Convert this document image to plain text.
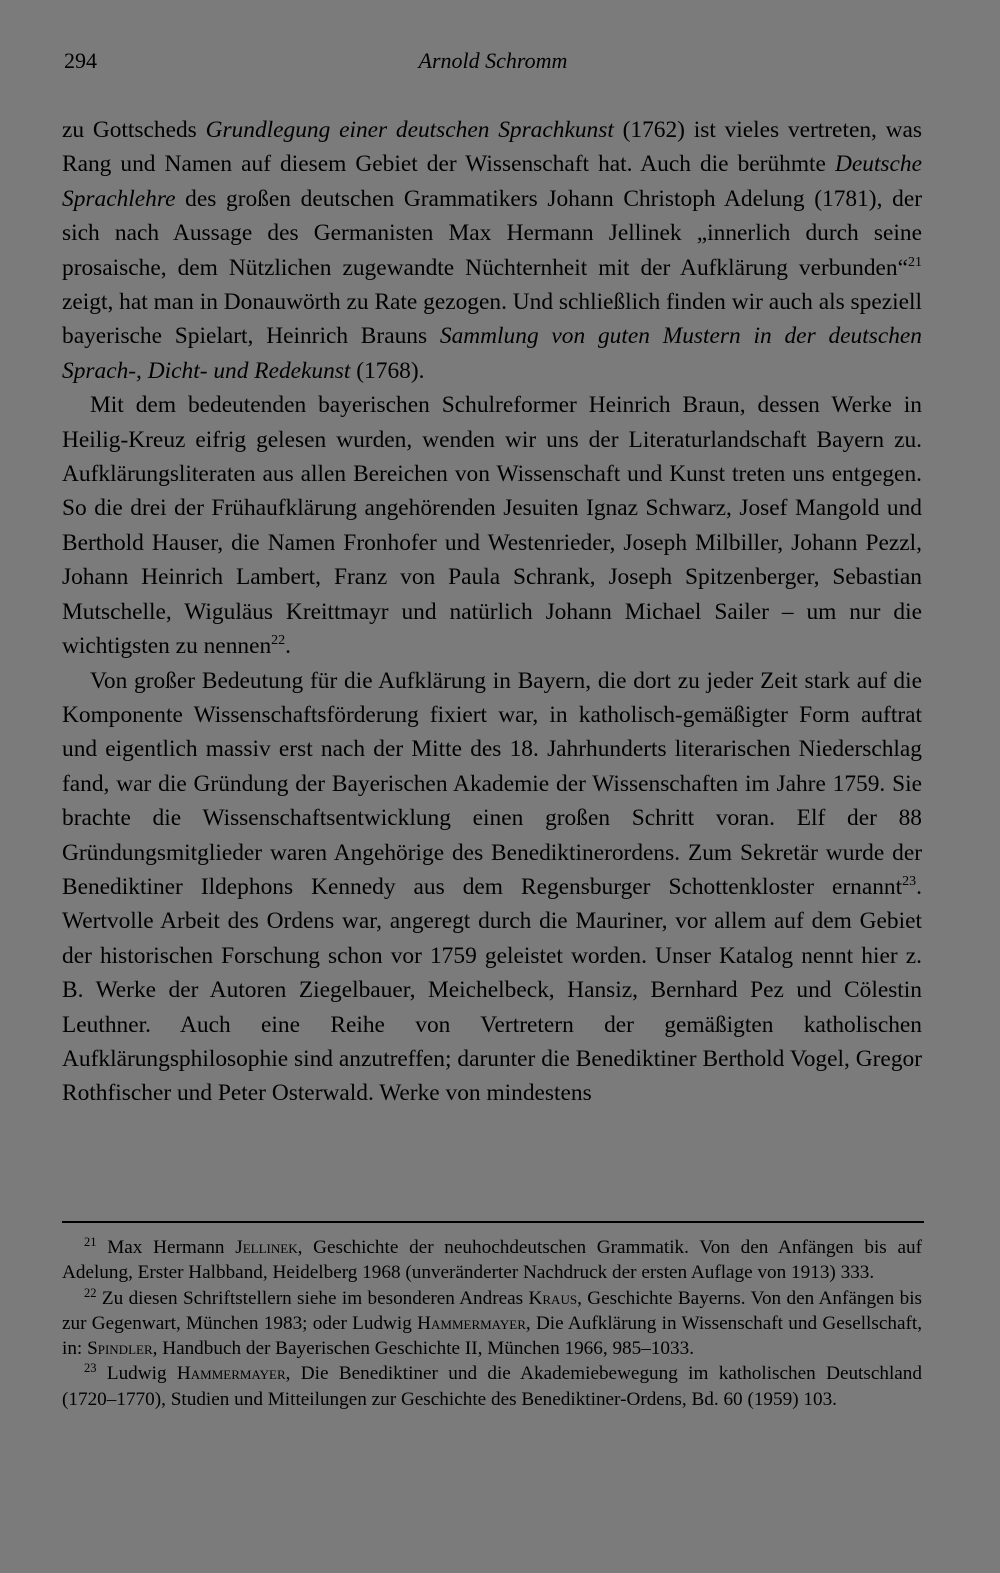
294	Arnold Schromm

zu Gottscheds Grundlegung einer deutschen Sprachkunst (1762) ist vieles vertreten, was Rang und Namen auf diesem Gebiet der Wissenschaft hat. Auch die berühmte Deutsche Sprachlehre des großen deutschen Grammatikers Johann Christoph Adelung (1781), der sich nach Aussage des Germanisten Max Hermann Jellinek „innerlich durch seine prosaische, dem Nützlichen zugewandte Nüchternheit mit der Aufklärung verbunden“$^{21}$ zeigt, hat man in Donauwörth zu Rate gezogen. Und schließlich finden wir auch als speziell bayerische Spielart, Heinrich Brauns Sammlung von guten Mustern in der deutschen Sprach-, Dicht- und Redekunst (1768).

Mit dem bedeutenden bayerischen Schulreformer Heinrich Braun, dessen Werke in Heilig-Kreuz eifrig gelesen wurden, wenden wir uns der Literaturlandschaft Bayern zu. Aufklärungsliteraten aus allen Bereichen von Wissenschaft und Kunst treten uns entgegen. So die drei der Frühaufklärung angehörenden Jesuiten Ignaz Schwarz, Josef Mangold und Berthold Hauser, die Namen Fronhofer und Westenrieder, Joseph Milbiller, Johann Pezzl, Johann Heinrich Lambert, Franz von Paula Schrank, Joseph Spitzenberger, Sebastian Mutschelle, Wiguläus Kreittmayr und natürlich Johann Michael Sailer – um nur die wichtigsten zu nennen$^{22}$.

Von großer Bedeutung für die Aufklärung in Bayern, die dort zu jeder Zeit stark auf die Komponente Wissenschaftsförderung fixiert war, in katholisch-gemäßigter Form auftrat und eigentlich massiv erst nach der Mitte des 18. Jahrhunderts literarischen Niederschlag fand, war die Gründung der Bayerischen Akademie der Wissenschaften im Jahre 1759. Sie brachte die Wissenschaftsentwicklung einen großen Schritt voran. Elf der 88 Gründungsmitglieder waren Angehörige des Benediktinerordens. Zum Sekretär wurde der Benediktiner Ildephons Kennedy aus dem Regensburger Schottenkloster ernannt$^{23}$. Wertvolle Arbeit des Ordens war, angeregt durch die Mauriner, vor allem auf dem Gebiet der historischen Forschung schon vor 1759 geleistet worden. Unser Katalog nennt hier z. B. Werke der Autoren Ziegelbauer, Meichelbeck, Hansiz, Bernhard Pez und Cölestin Leuthner. Auch eine Reihe von Vertretern der gemäßigten katholischen Aufklärungsphilosophie sind anzutreffen; darunter die Benediktiner Berthold Vogel, Gregor Rothfischer und Peter Osterwald. Werke von mindestens

$^{21}$ Max Hermann Jellinek, Geschichte der neuhochdeutschen Grammatik. Von den Anfängen bis auf Adelung, Erster Halbband, Heidelberg 1968 (unveränderter Nachdruck der ersten Auflage von 1913) 333.

$^{22}$ Zu diesen Schriftstellern siehe im besonderen Andreas Kraus, Geschichte Bayerns. Von den Anfängen bis zur Gegenwart, München 1983; oder Ludwig Hammermayer, Die Aufklärung in Wissenschaft und Gesellschaft, in: Spindler, Handbuch der Bayerischen Geschichte II, München 1966, 985–1033.

$^{23}$ Ludwig Hammermayer, Die Benediktiner und die Akademiebewegung im katholischen Deutschland (1720–1770), Studien und Mitteilungen zur Geschichte des Benediktiner-Ordens, Bd. 60 (1959) 103.
